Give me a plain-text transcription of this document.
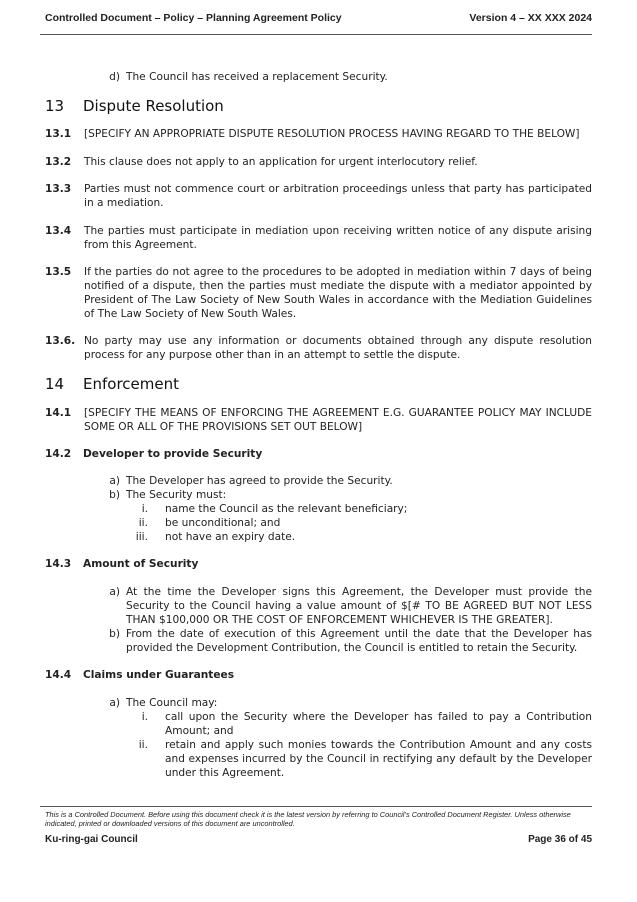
Controlled Document – Policy – Planning Agreement Policy	Version 4 – XX XXX 2024
d) The Council has received a replacement Security.
13 Dispute Resolution
13.1 [SPECIFY AN APPROPRIATE DISPUTE RESOLUTION PROCESS HAVING REGARD TO THE BELOW]
13.2 This clause does not apply to an application for urgent interlocutory relief.
13.3 Parties must not commence court or arbitration proceedings unless that party has participated in a mediation.
13.4 The parties must participate in mediation upon receiving written notice of any dispute arising from this Agreement.
13.5 If the parties do not agree to the procedures to be adopted in mediation within 7 days of being notified of a dispute, then the parties must mediate the dispute with a mediator appointed by President of The Law Society of New South Wales in accordance with the Mediation Guidelines of The Law Society of New South Wales.
13.6. No party may use any information or documents obtained through any dispute resolution process for any purpose other than in an attempt to settle the dispute.
14 Enforcement
14.1 [SPECIFY THE MEANS OF ENFORCING THE AGREEMENT E.G. GUARANTEE POLICY MAY INCLUDE SOME OR ALL OF THE PROVISIONS SET OUT BELOW]
14.2 Developer to provide Security
a) The Developer has agreed to provide the Security.
b) The Security must:
i. name the Council as the relevant beneficiary;
ii. be unconditional; and
iii. not have an expiry date.
14.3 Amount of Security
a) At the time the Developer signs this Agreement, the Developer must provide the Security to the Council having a value amount of $[# TO BE AGREED BUT NOT LESS THAN $100,000 OR THE COST OF ENFORCEMENT WHICHEVER IS THE GREATER].
b) From the date of execution of this Agreement until the date that the Developer has provided the Development Contribution, the Council is entitled to retain the Security.
14.4 Claims under Guarantees
a) The Council may:
i. call upon the Security where the Developer has failed to pay a Contribution Amount; and
ii. retain and apply such monies towards the Contribution Amount and any costs and expenses incurred by the Council in rectifying any default by the Developer under this Agreement.
This is a Controlled Document. Before using this document check it is the latest version by referring to Council’s Controlled Document Register. Unless otherwise indicated, printed or downloaded versions of this document are uncontrolled.
Ku-ring-gai Council	Page 36 of 45
